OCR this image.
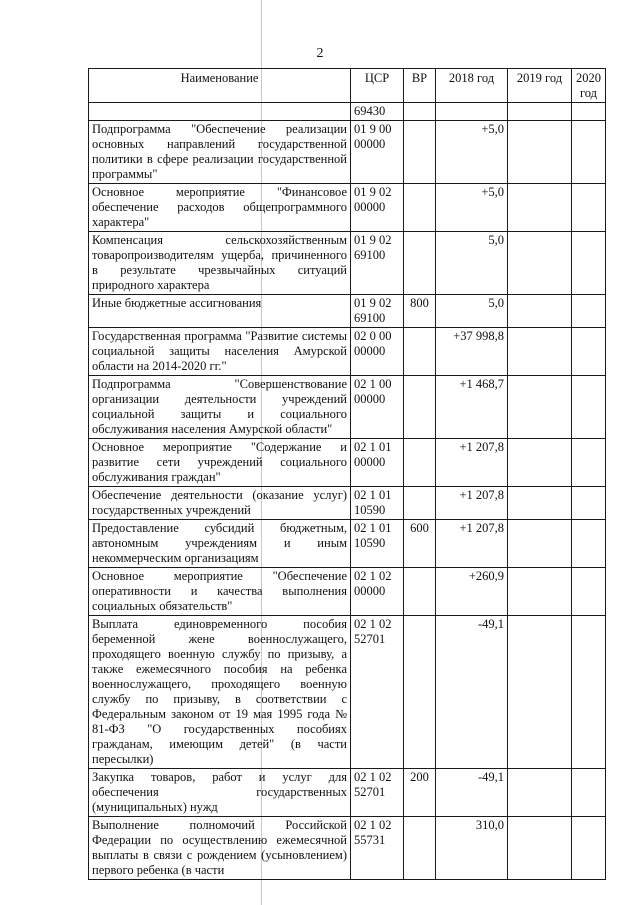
2
Наименование	ЦСР	ВР	2018 год	2019 год	2020 год
	69430				
Подпрограмма "Обеспечение реализации основных направлений государственной политики в сфере реализации государственной программы"	01 9 00 00000		+5,0		
Основное мероприятие "Финансовое обеспечение расходов общепрограммного характера"	01 9 02 00000		+5,0		
Компенсация сельскохозяйственным товаропроизводителям ущерба, причиненного в результате чрезвычайных ситуаций природного характера	01 9 02 69100		5,0		
Иные бюджетные ассигнования	01 9 02 69100	800	5,0		
Государственная программа "Развитие системы социальной защиты населения Амурской области на 2014-2020 гг."	02 0 00 00000		+37 998,8		
Подпрограмма "Совершенствование организации деятельности учреждений социальной защиты и социального обслуживания населения Амурской области"	02 1 00 00000		+1 468,7		
Основное мероприятие "Содержание и развитие сети учреждений социального обслуживания граждан"	02 1 01 00000		+1 207,8		
Обеспечение деятельности (оказание услуг) государственных учреждений	02 1 01 10590		+1 207,8		
Предоставление субсидий бюджетным, автономным учреждениям и иным некоммерческим организациям	02 1 01 10590	600	+1 207,8		
Основное мероприятие "Обеспечение оперативности и качества выполнения социальных обязательств"	02 1 02 00000		+260,9		
Выплата единовременного пособия беременной жене военнослужащего, проходящего военную службу по призыву, а также ежемесячного пособия на ребенка военнослужащего, проходящего военную службу по призыву, в соответствии с Федеральным законом от 19 мая 1995 года № 81-ФЗ "О государственных пособиях гражданам, имеющим детей" (в части пересылки)	02 1 02 52701		-49,1		
Закупка товаров, работ и услуг для обеспечения государственных (муниципальных) нужд	02 1 02 52701	200	-49,1		
Выполнение полномочий Российской Федерации по осуществлению ежемесячной выплаты в связи с рождением (усыновлением) первого ребенка (в части	02 1 02 55731		310,0		
